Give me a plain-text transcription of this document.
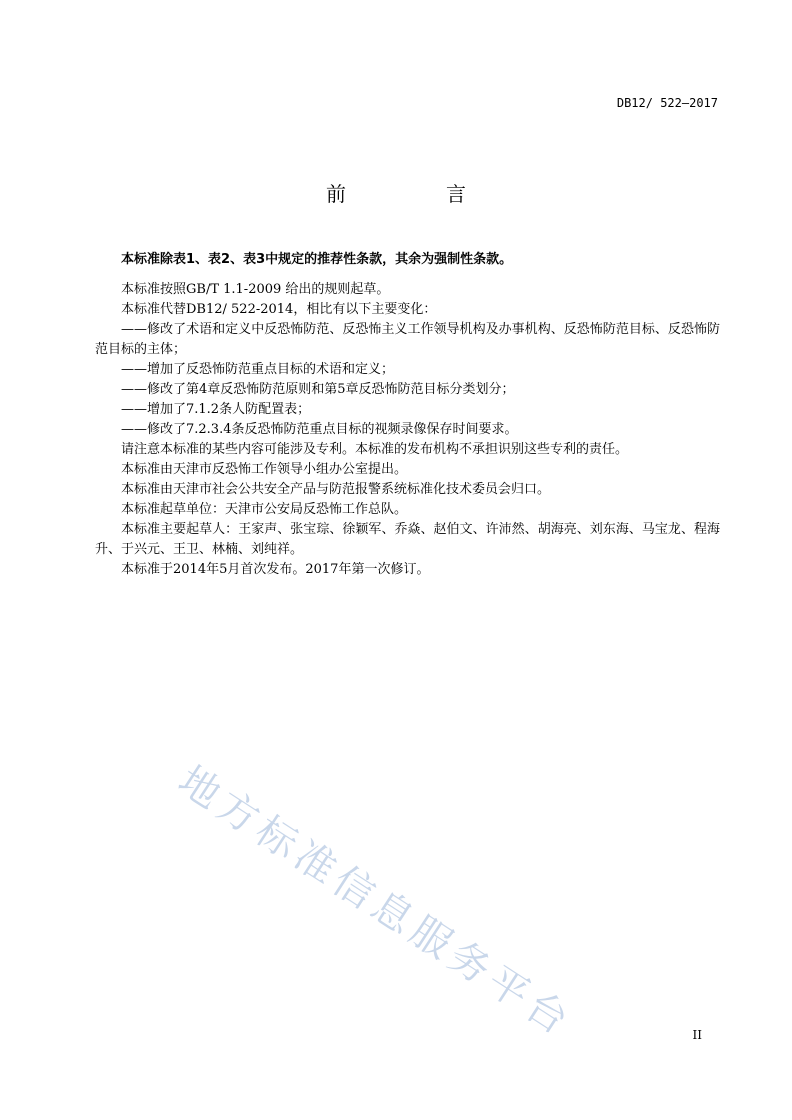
DB12/ 522—2017
前　言

本标准除表1、表2、表3中规定的推荐性条款，其余为强制性条款。

本标准按照GB/T 1.1-2009 给出的规则起草。

本标准代替DB12/ 522-2014，相比有以下主要变化：

——修改了术语和定义中反恐怖防范、反恐怖主义工作领导机构及办事机构、反恐怖防范目标、反恐怖防范目标的主体；

——增加了反恐怖防范重点目标的术语和定义；

——修改了第4章反恐怖防范原则和第5章反恐怖防范目标分类划分；

——增加了7.1.2条人防配置表；

——修改了7.2.3.4条反恐怖防范重点目标的视频录像保存时间要求。

请注意本标准的某些内容可能涉及专利。本标准的发布机构不承担识别这些专利的责任。

本标准由天津市反恐怖工作领导小组办公室提出。

本标准由天津市社会公共安全产品与防范报警系统标准化技术委员会归口。

本标准起草单位：天津市公安局反恐怖工作总队。

本标准主要起草人：王家声、张宝琮、徐颖军、乔焱、赵伯文、许沛然、胡海亮、刘东海、马宝龙、程海升、于兴元、王卫、林楠、刘纯祥。

本标准于2014年5月首次发布。2017年第一次修订。

地方标准信息服务平台	II
